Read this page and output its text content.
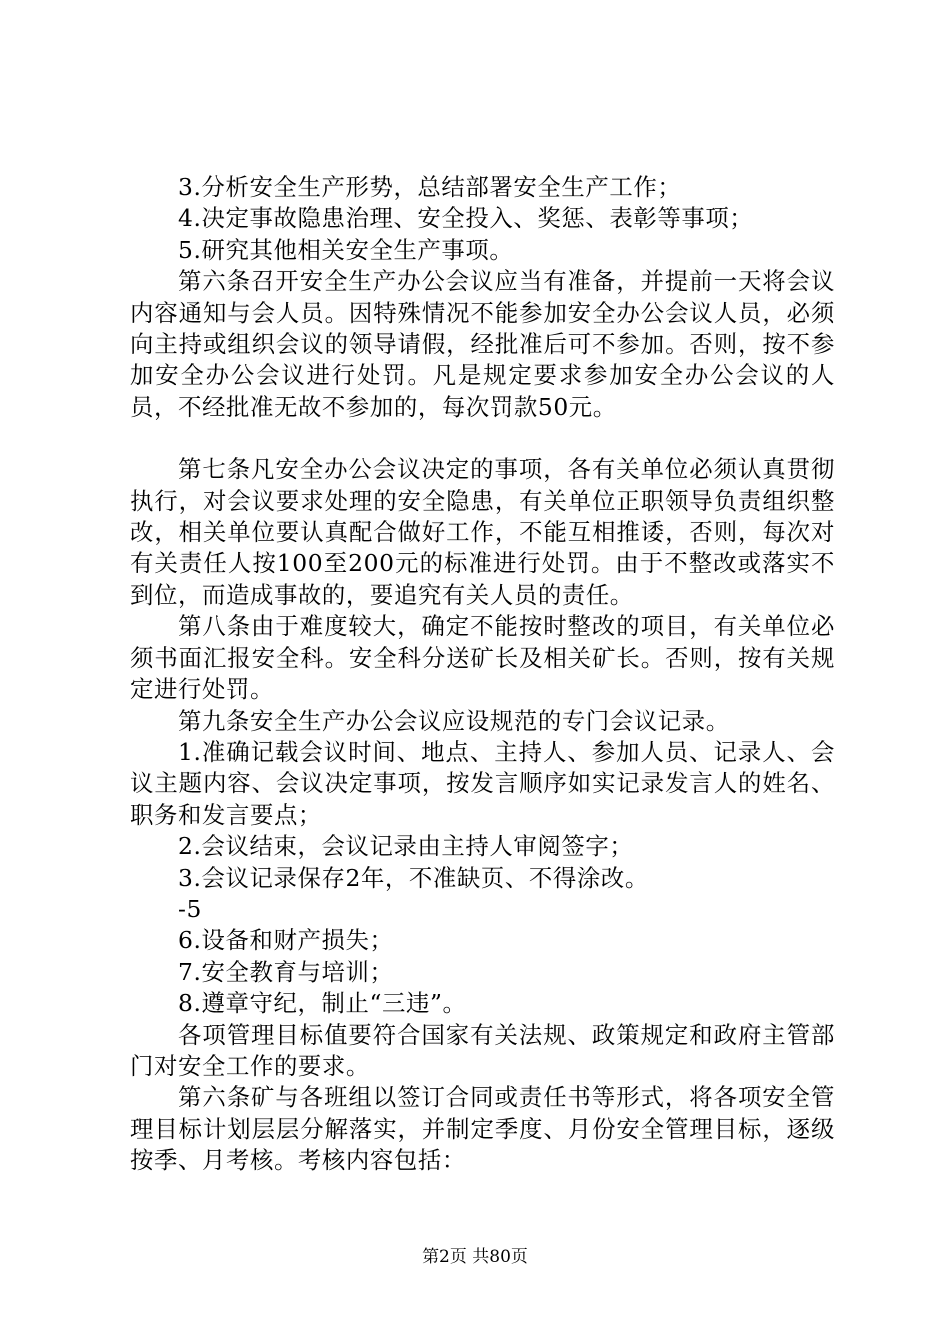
3.分析安全生产形势，总结部署安全生产工作；

4.决定事故隐患治理、安全投入、奖惩、表彰等事项；

5.研究其他相关安全生产事项。

第六条召开安全生产办公会议应当有准备，并提前一天将会议内容通知与会人员。因特殊情况不能参加安全办公会议人员，必须向主持或组织会议的领导请假，经批准后可不参加。否则，按不参加安全办公会议进行处罚。凡是规定要求参加安全办公会议的人员，不经批准无故不参加的，每次罚款50元。

第七条凡安全办公会议决定的事项，各有关单位必须认真贯彻执行，对会议要求处理的安全隐患，有关单位正职领导负责组织整改，相关单位要认真配合做好工作，不能互相推诿，否则，每次对有关责任人按100至200元的标准进行处罚。由于不整改或落实不到位，而造成事故的，要追究有关人员的责任。

第八条由于难度较大，确定不能按时整改的项目，有关单位必须书面汇报安全科。安全科分送矿长及相关矿长。否则，按有关规定进行处罚。

第九条安全生产办公会议应设规范的专门会议记录。

1.准确记载会议时间、地点、主持人、参加人员、记录人、会议主题内容、会议决定事项，按发言顺序如实记录发言人的姓名、职务和发言要点；

2.会议结束，会议记录由主持人审阅签字；

3.会议记录保存2年，不准缺页、不得涂改。

-5

6.设备和财产损失；

7.安全教育与培训；

8.遵章守纪，制止“三违”。

各项管理目标值要符合国家有关法规、政策规定和政府主管部门对安全工作的要求。

第六条矿与各班组以签订合同或责任书等形式，将各项安全管理目标计划层层分解落实，并制定季度、月份安全管理目标，逐级按季、月考核。考核内容包括：

第2页 共80页
